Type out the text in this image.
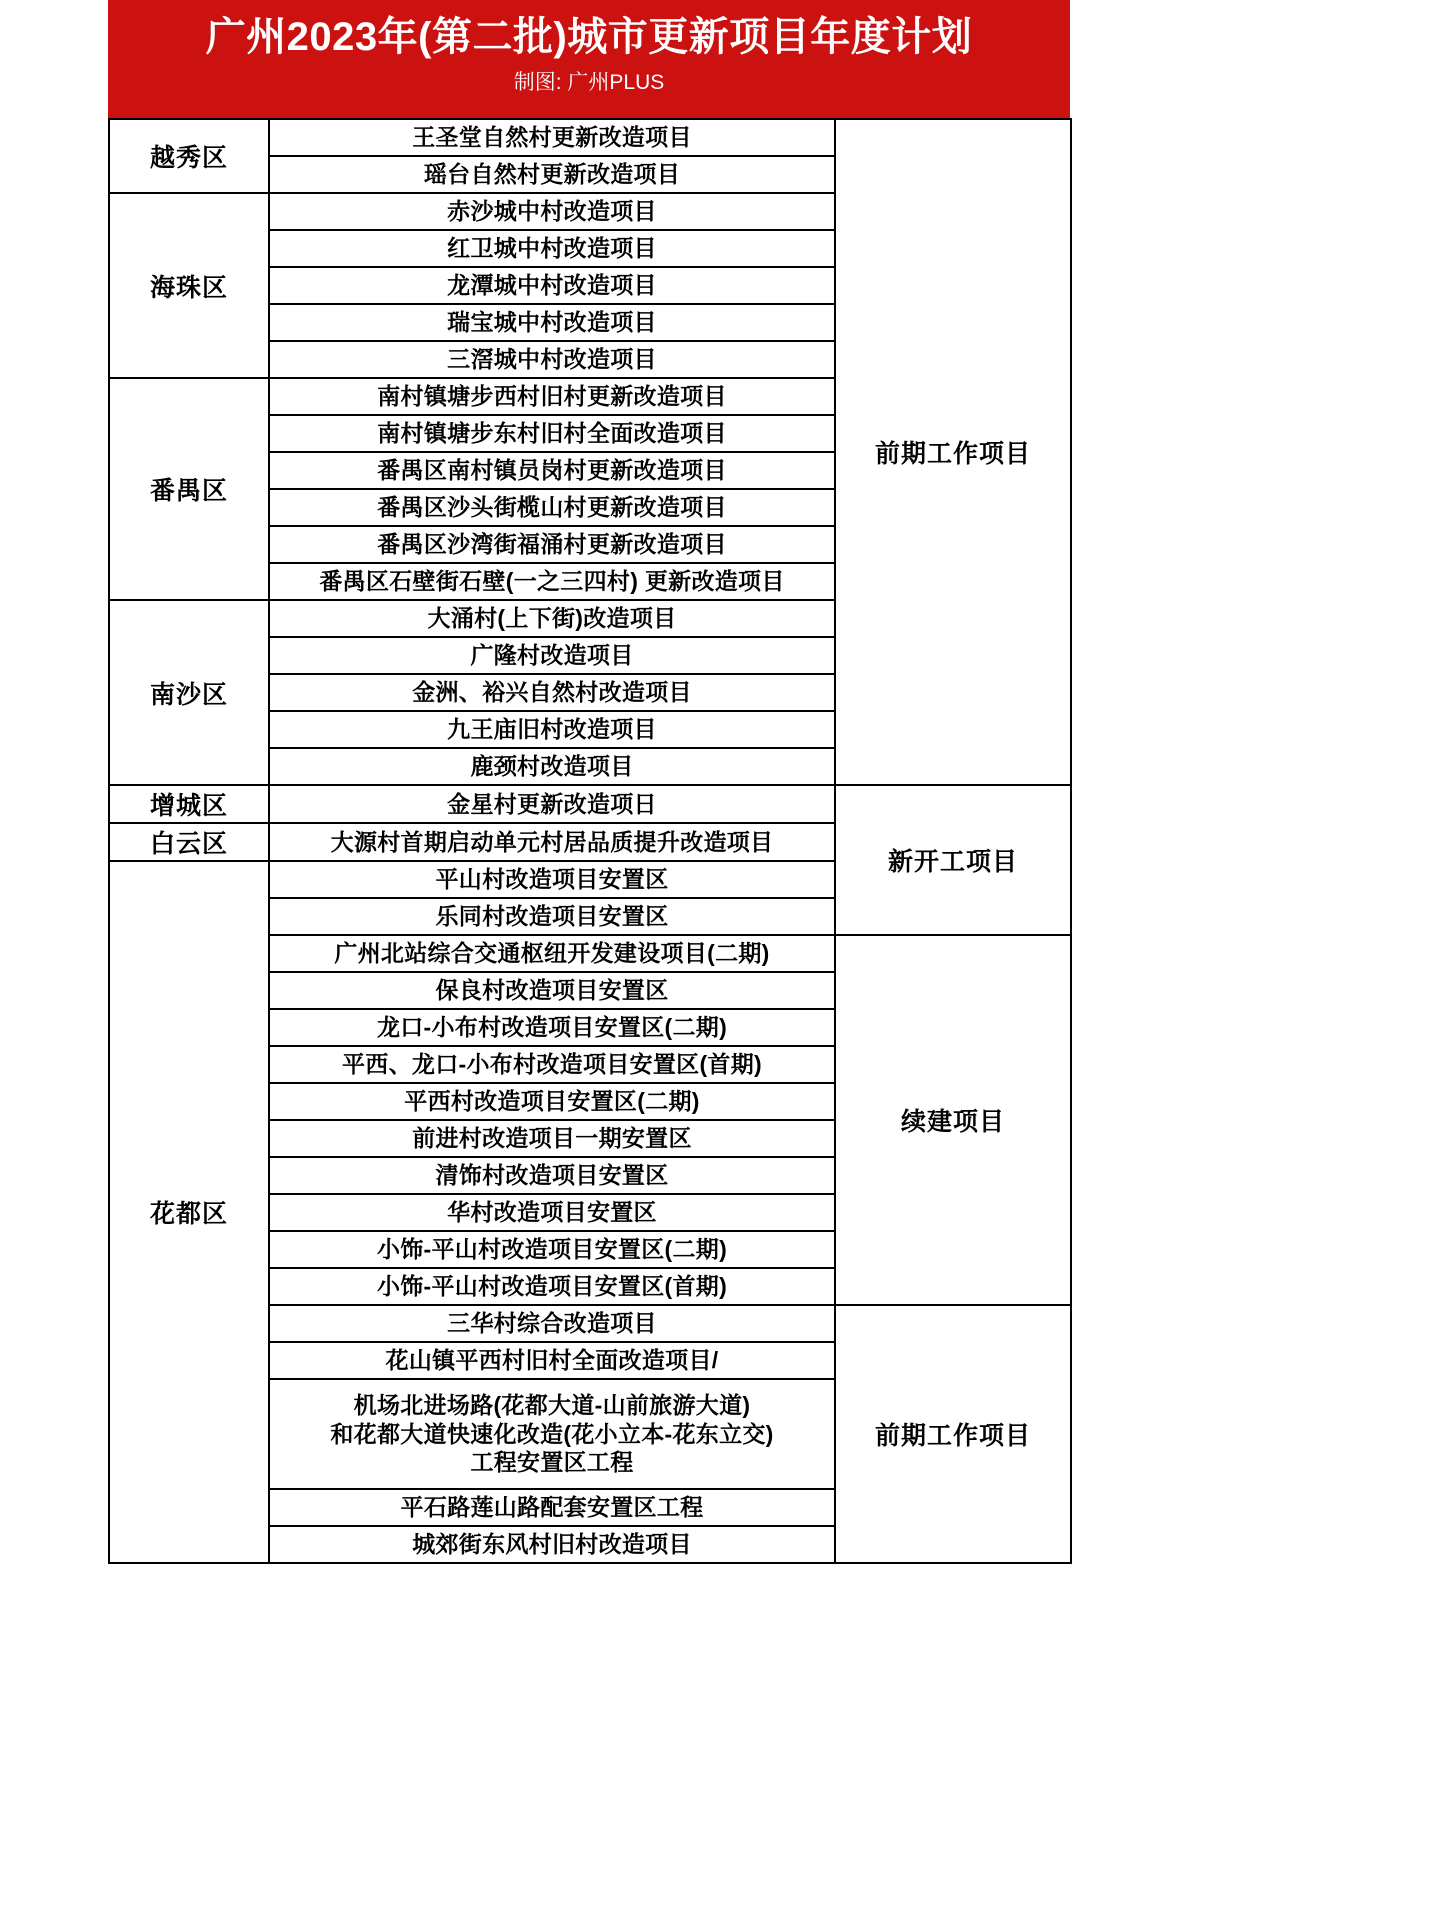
广州2023年(第二批)城市更新项目年度计划
制图: 广州PLUS
越秀区	王圣堂自然村更新改造项目	前期工作项目
	瑶台自然村更新改造项目	
海珠区	赤沙城中村改造项目	
	红卫城中村改造项目	
	龙潭城中村改造项目	
	瑞宝城中村改造项目	
	三滘城中村改造项目	
番禺区	南村镇塘步西村旧村更新改造项目	
	南村镇塘步东村旧村全面改造项目	
	番禺区南村镇员岗村更新改造项目	
	番禺区沙头街榄山村更新改造项目	
	番禺区沙湾街福涌村更新改造项目	
	番禺区石壁街石壁(一之三四村) 更新改造项目	
南沙区	大涌村(上下街)改造项目	
	广隆村改造项目	
	金洲、裕兴自然村改造项目	
	九王庙旧村改造项目	
	鹿颈村改造项目	
增城区	金星村更新改造项日	新开工项目
白云区	大源村首期启动单元村居品质提升改造项目	
花都区	平山村改造项目安置区	
	乐同村改造项目安置区	
	广州北站综合交通枢纽开发建设项目(二期)	续建项目
	保良村改造项目安置区	
	龙口-小布村改造项目安置区(二期)	
	平西、龙口-小布村改造项目安置区(首期)	
	平西村改造项目安置区(二期)	
	前进村改造项目一期安置区	
	清饰村改造项目安置区	
	华村改造项目安置区	
	小饰-平山村改造项目安置区(二期)	
	小饰-平山村改造项目安置区(首期)	
	三华村综合改造项目	前期工作项目
	花山镇平西村旧村全面改造项目/	
	机场北进场路(花都大道-山前旅游大道)
和花都大道快速化改造(花小立本-花东立交)
工程安置区工程	
	平石路莲山路配套安置区工程	
	城郊街东风村旧村改造项目	
